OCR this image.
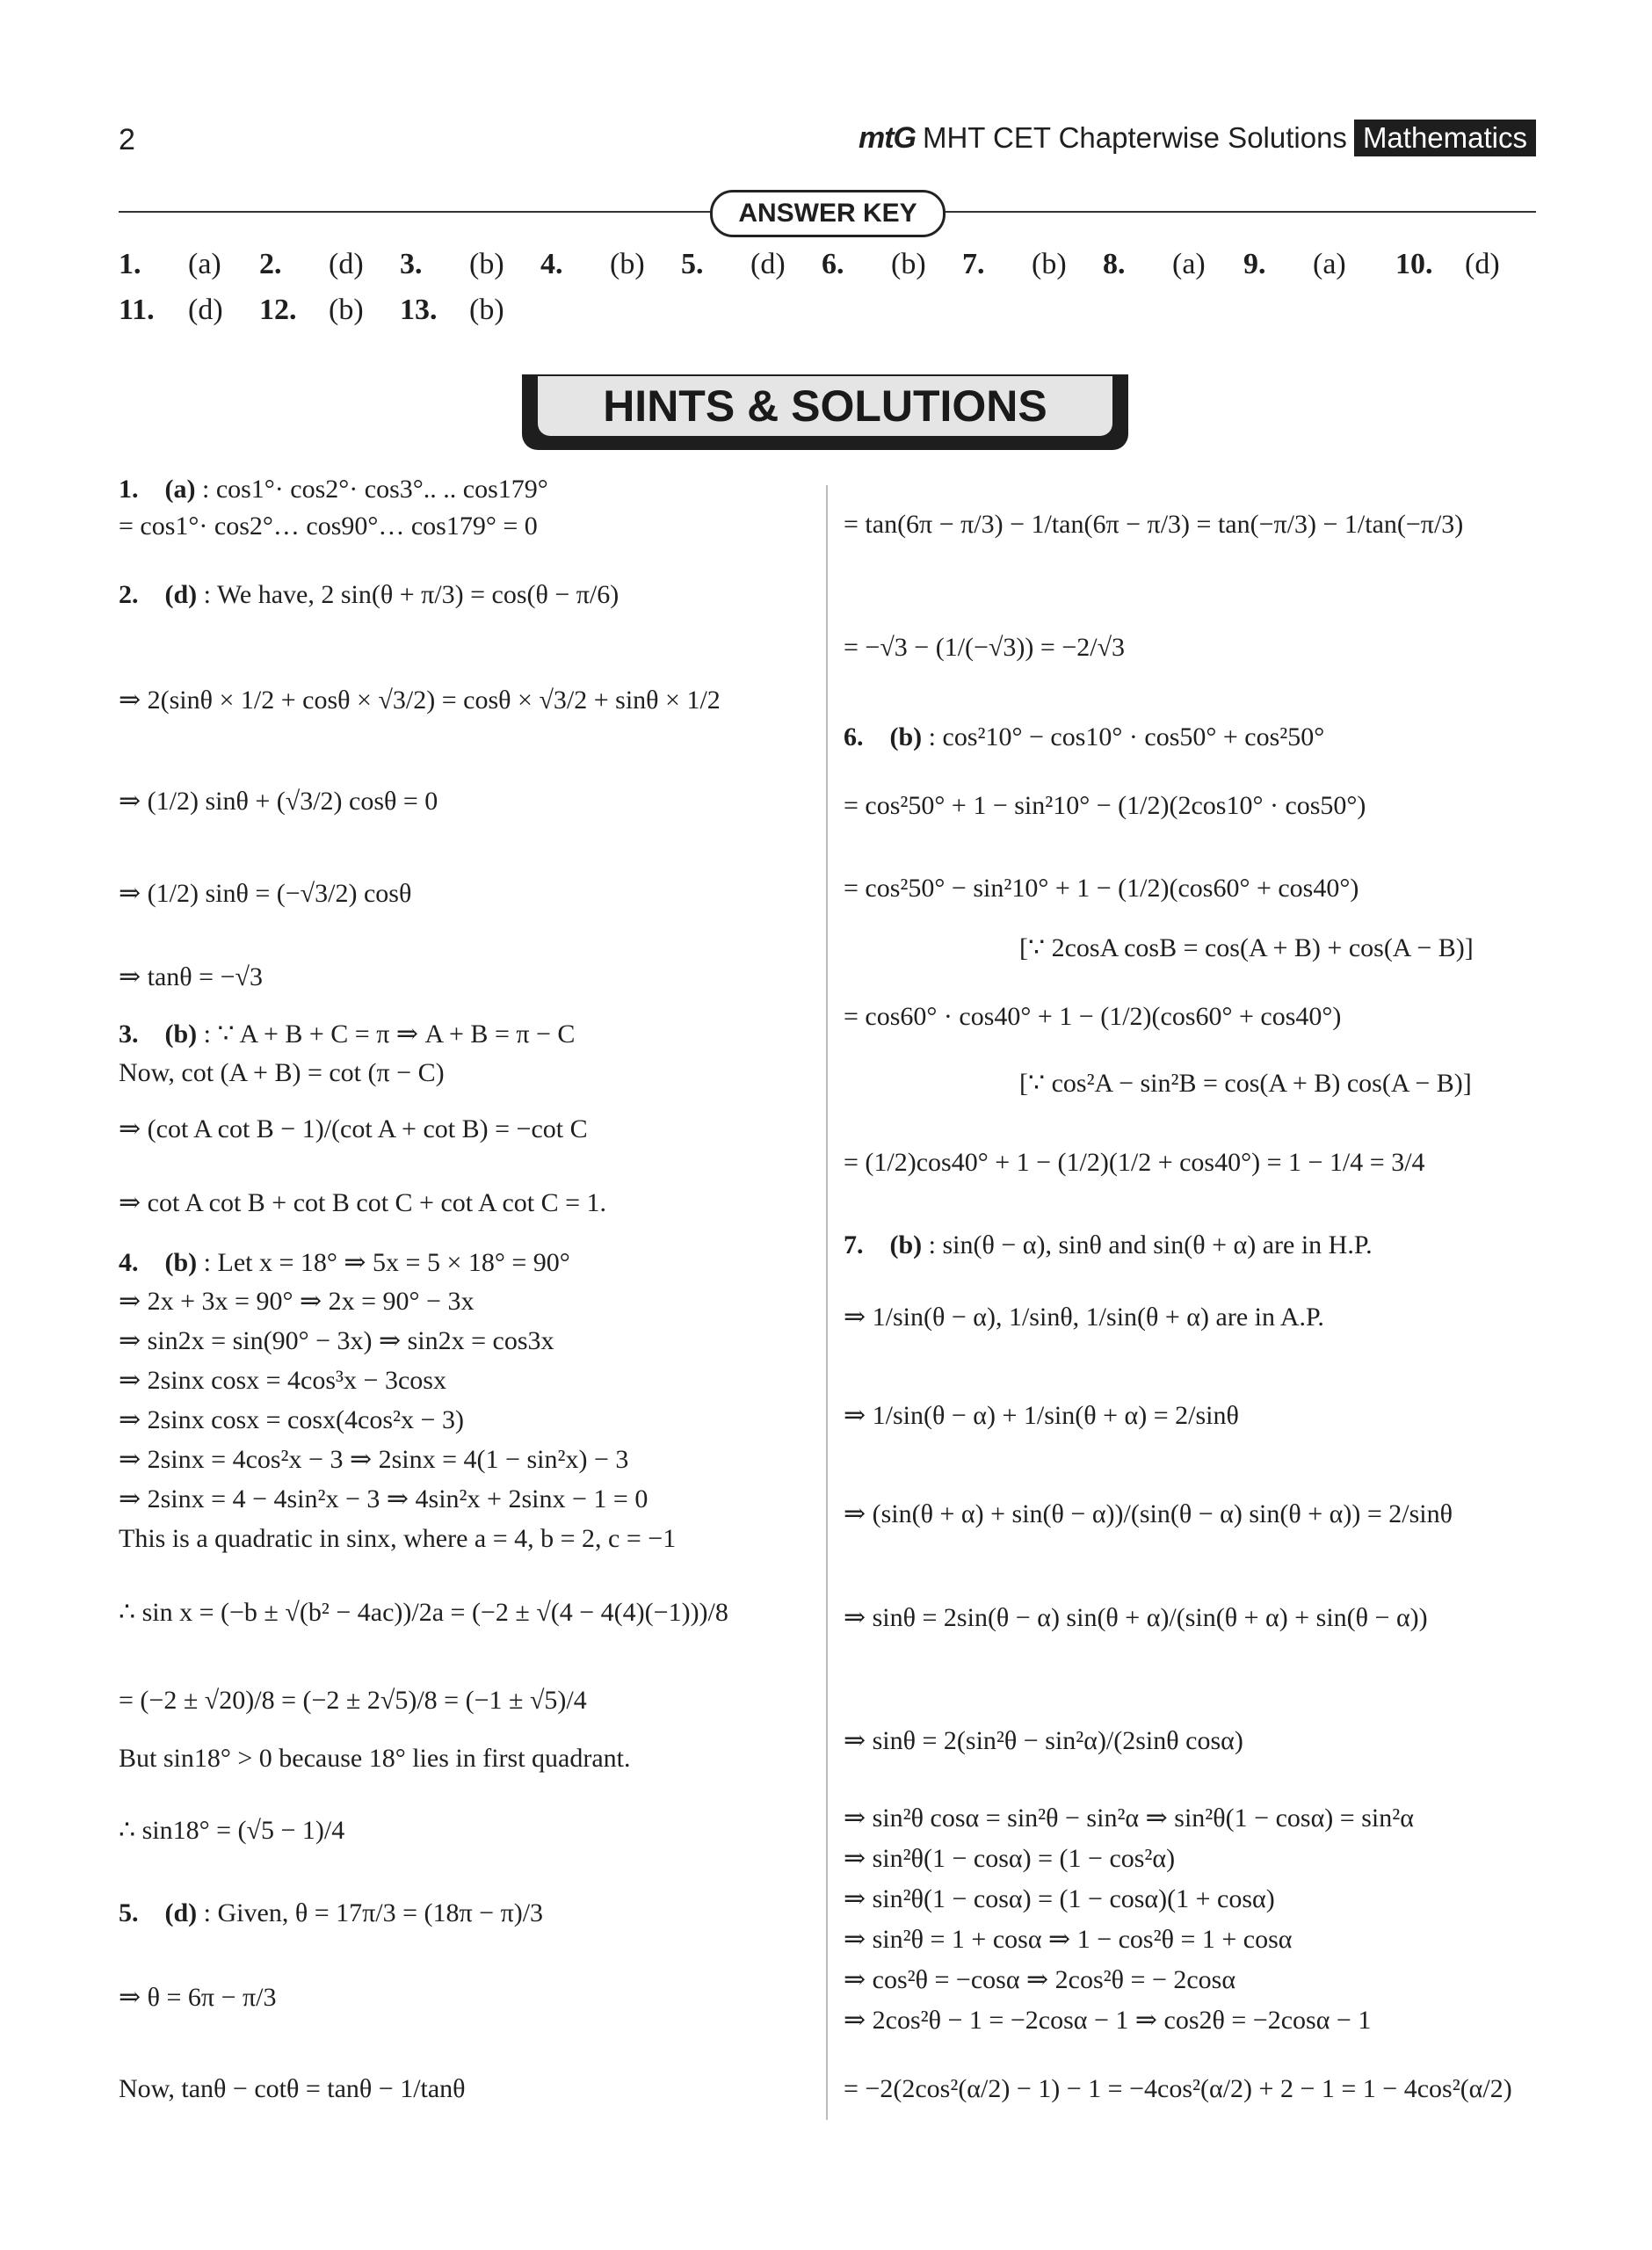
2	mtG MHT CET Chapterwise Solutions Mathematics
ANSWER KEY
1. (a) 2. (d) 3. (b) 4. (b) 5. (d) 6. (b) 7. (b) 8. (a) 9. (a) 10. (d)
11. (d) 12. (b) 13. (b)
HINTS & SOLUTIONS
1. (a) : cos1°· cos2°· cos3°.. .. cos179°
= cos1°· cos2°… cos90°… cos179° = 0
2. (d) : We have, 2 sin(θ + π/3) = cos(θ − π/6)
⇒ 2(sinθ × 1/2 + cosθ × √3/2) = cosθ × √3/2 + sinθ × 1/2
⇒ (1/2) sinθ + (√3/2) cosθ = 0
⇒ (1/2) sinθ = (−√3/2) cosθ
⇒ tanθ = −√3
3. (b) : ∵ A + B + C = π ⇒ A + B = π − C
Now, cot (A + B) = cot (π − C)
⇒ (cot A cot B − 1)/(cot A + cot B) = −cot C
⇒ cot A cot B + cot B cot C + cot A cot C = 1.
4. (b) : Let x = 18° ⇒ 5x = 5 × 18° = 90°
⇒ 2x + 3x = 90° ⇒ 2x = 90° − 3x
⇒ sin2x = sin(90° − 3x) ⇒ sin2x = cos3x
⇒ 2sinx cosx = 4cos³x − 3cosx
⇒ 2sinx cosx = cosx(4cos²x − 3)
⇒ 2sinx = 4cos²x − 3 ⇒ 2sinx = 4(1 − sin²x) − 3
⇒ 2sinx = 4 − 4sin²x − 3 ⇒ 4sin²x + 2sinx − 1 = 0
This is a quadratic in sinx, where a = 4, b = 2, c = −1
∴ sin x = (−b ± √(b² − 4ac))/2a = (−2 ± √(4 − 4(4)(−1)))/8
= (−2 ± √20)/8 = (−2 ± 2√5)/8 = (−1 ± √5)/4
But sin18° > 0 because 18° lies in first quadrant.
∴ sin18° = (√5 − 1)/4
5. (d) : Given, θ = 17π/3 = (18π − π)/3
⇒ θ = 6π − π/3
Now, tanθ − cotθ = tanθ − 1/tanθ
= tan(6π − π/3) − 1/tan(6π − π/3) = tan(−π/3) − 1/tan(−π/3)
= −√3 − (1/(−√3)) = −2/√3
6. (b) : cos²10° − cos10° · cos50° + cos²50°
= cos²50° + 1 − sin²10° − (1/2)(2cos10° · cos50°)
= cos²50° − sin²10° + 1 − (1/2)(cos60° + cos40°)
[∵ 2cosA cosB = cos(A + B) + cos(A − B)]
= cos60° · cos40° + 1 − (1/2)(cos60° + cos40°)
[∵ cos²A − sin²B = cos(A + B) cos(A − B)]
= (1/2)cos40° + 1 − (1/2)(1/2 + cos40°) = 1 − 1/4 = 3/4
7. (b) : sin(θ − α), sinθ and sin(θ + α) are in H.P.
⇒ 1/sin(θ − α), 1/sinθ, 1/sin(θ + α) are in A.P.
⇒ 1/sin(θ − α) + 1/sin(θ + α) = 2/sinθ
⇒ (sin(θ + α) + sin(θ − α))/(sin(θ − α) sin(θ + α)) = 2/sinθ
⇒ sinθ = 2sin(θ − α) sin(θ + α)/(sin(θ + α) + sin(θ − α))
⇒ sinθ = 2(sin²θ − sin²α)/(2sinθ cosα)
⇒ sin²θ cosα = sin²θ − sin²α ⇒ sin²θ(1 − cosα) = sin²α
⇒ sin²θ(1 − cosα) = (1 − cos²α)
⇒ sin²θ(1 − cosα) = (1 − cosα)(1 + cosα)
⇒ sin²θ = 1 + cosα ⇒ 1 − cos²θ = 1 + cosα
⇒ cos²θ = −cosα ⇒ 2cos²θ = − 2cosα
⇒ 2cos²θ − 1 = −2cosα − 1 ⇒ cos2θ = −2cosα − 1
= −2(2cos²(α/2) − 1) − 1 = −4cos²(α/2) + 2 − 1 = 1 − 4cos²(α/2)
